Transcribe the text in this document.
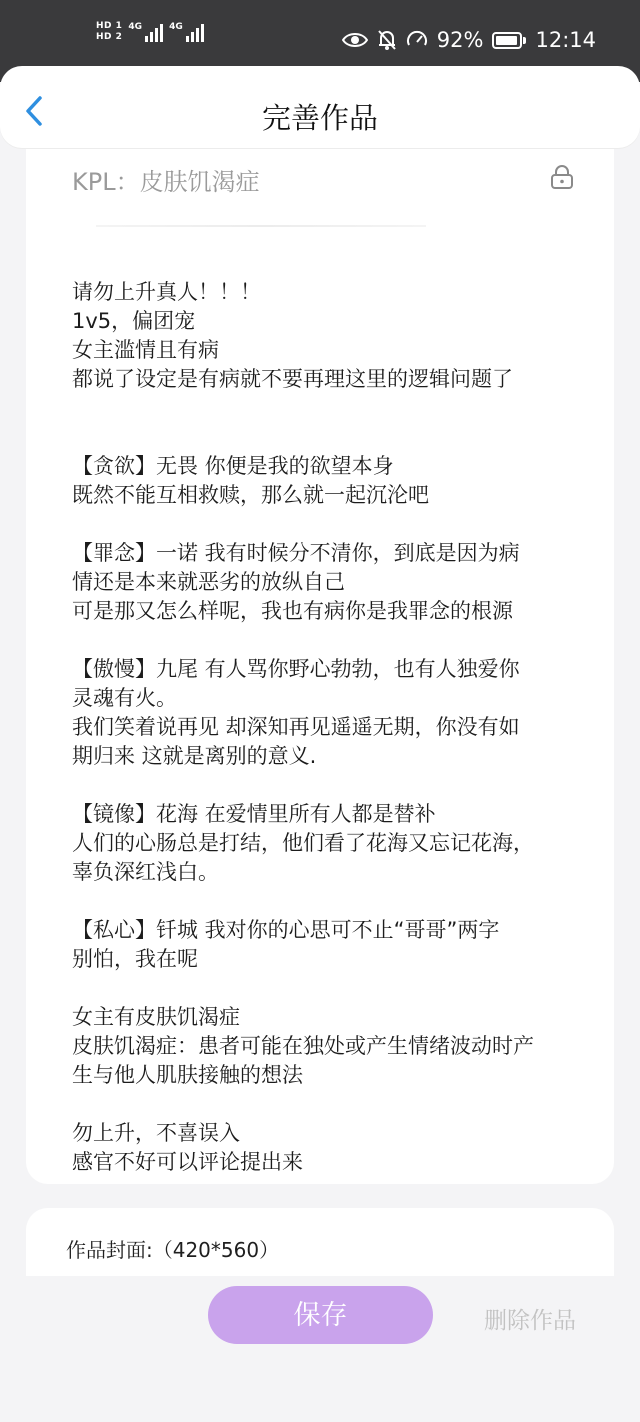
HD 1
HD 2
4G	4G
92% 12:14
KPL：皮肤饥渴症

请勿上升真人！！！

1v5，偏团宠

女主滥情且有病

都说了设定是有病就不要再理这里的逻辑问题了

【贪欲】无畏 你便是我的欲望本身

既然不能互相救赎，那么就一起沉沦吧

【罪念】一诺 我有时候分不清你，到底是因为病

情还是本来就恶劣的放纵自己

可是那又怎么样呢，我也有病你是我罪念的根源

【傲慢】九尾 有人骂你野心勃勃，也有人独爱你

灵魂有火。

我们笑着说再见 却深知再见遥遥无期，你没有如

期归来 这就是离别的意义.

【镜像】花海 在爱情里所有人都是替补

人们的心肠总是打结，他们看了花海又忘记花海，

辜负深红浅白。

【私心】钎城 我对你的心思可不止“哥哥”两字

别怕，我在呢

女主有皮肤饥渴症

皮肤饥渴症：患者可能在独处或产生情绪波动时产

生与他人肌肤接触的想法

勿上升，不喜误入

感官不好可以评论提出来

完善作品
作品封面:（420*560）
保存	删除作品
